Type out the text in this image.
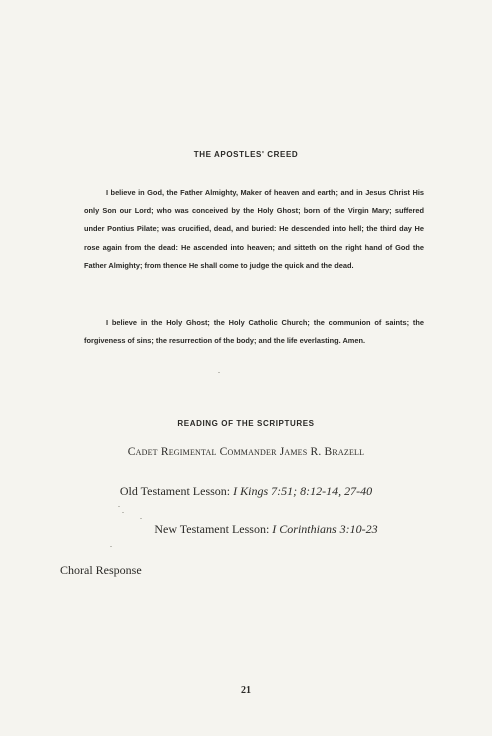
THE APOSTLES' CREED
I believe in God, the Father Almighty, Maker of heaven and earth; and in Jesus Christ His only Son our Lord; who was conceived by the Holy Ghost; born of the Virgin Mary; suffered under Pontius Pilate; was crucified, dead, and buried: He descended into hell; the third day He rose again from the dead: He ascended into heaven; and sitteth on the right hand of God the Father Almighty; from thence He shall come to judge the quick and the dead.
I believe in the Holy Ghost; the Holy Catholic Church; the communion of saints; the forgiveness of sins; the resurrection of the body; and the life everlasting. Amen.
READING OF THE SCRIPTURES
Cadet Regimental Commander James R. Brazell
Old Testament Lesson: I Kings 7:51; 8:12-14, 27-40
New Testament Lesson: I Corinthians 3:10-23
Choral Response
21
